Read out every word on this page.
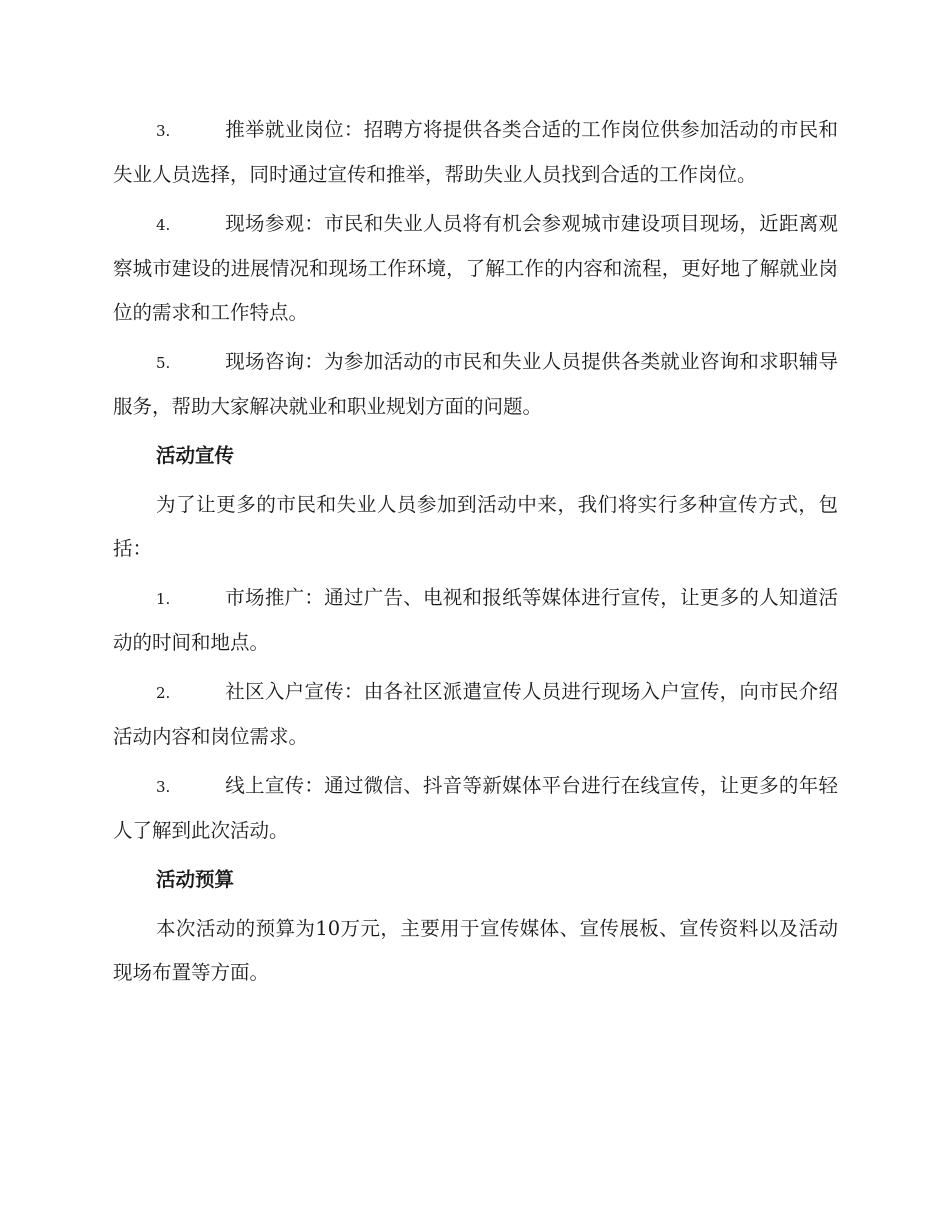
3.	推举就业岗位：招聘方将提供各类合适的工作岗位供参加活动的市民和失业人员选择，同时通过宣传和推举，帮助失业人员找到合适的工作岗位。

4.	现场参观：市民和失业人员将有机会参观城市建设项目现场，近距离观察城市建设的进展情况和现场工作环境，了解工作的内容和流程，更好地了解就业岗位的需求和工作特点。

5.	现场咨询：为参加活动的市民和失业人员提供各类就业咨询和求职辅导服务，帮助大家解决就业和职业规划方面的问题。

活动宣传

为了让更多的市民和失业人员参加到活动中来，我们将实行多种宣传方式，包括：

1.	市场推广：通过广告、电视和报纸等媒体进行宣传，让更多的人知道活动的时间和地点。

2.	社区入户宣传：由各社区派遣宣传人员进行现场入户宣传，向市民介绍活动内容和岗位需求。

3.	线上宣传：通过微信、抖音等新媒体平台进行在线宣传，让更多的年轻人了解到此次活动。

活动预算

本次活动的预算为10万元，主要用于宣传媒体、宣传展板、宣传资料以及活动现场布置等方面。
